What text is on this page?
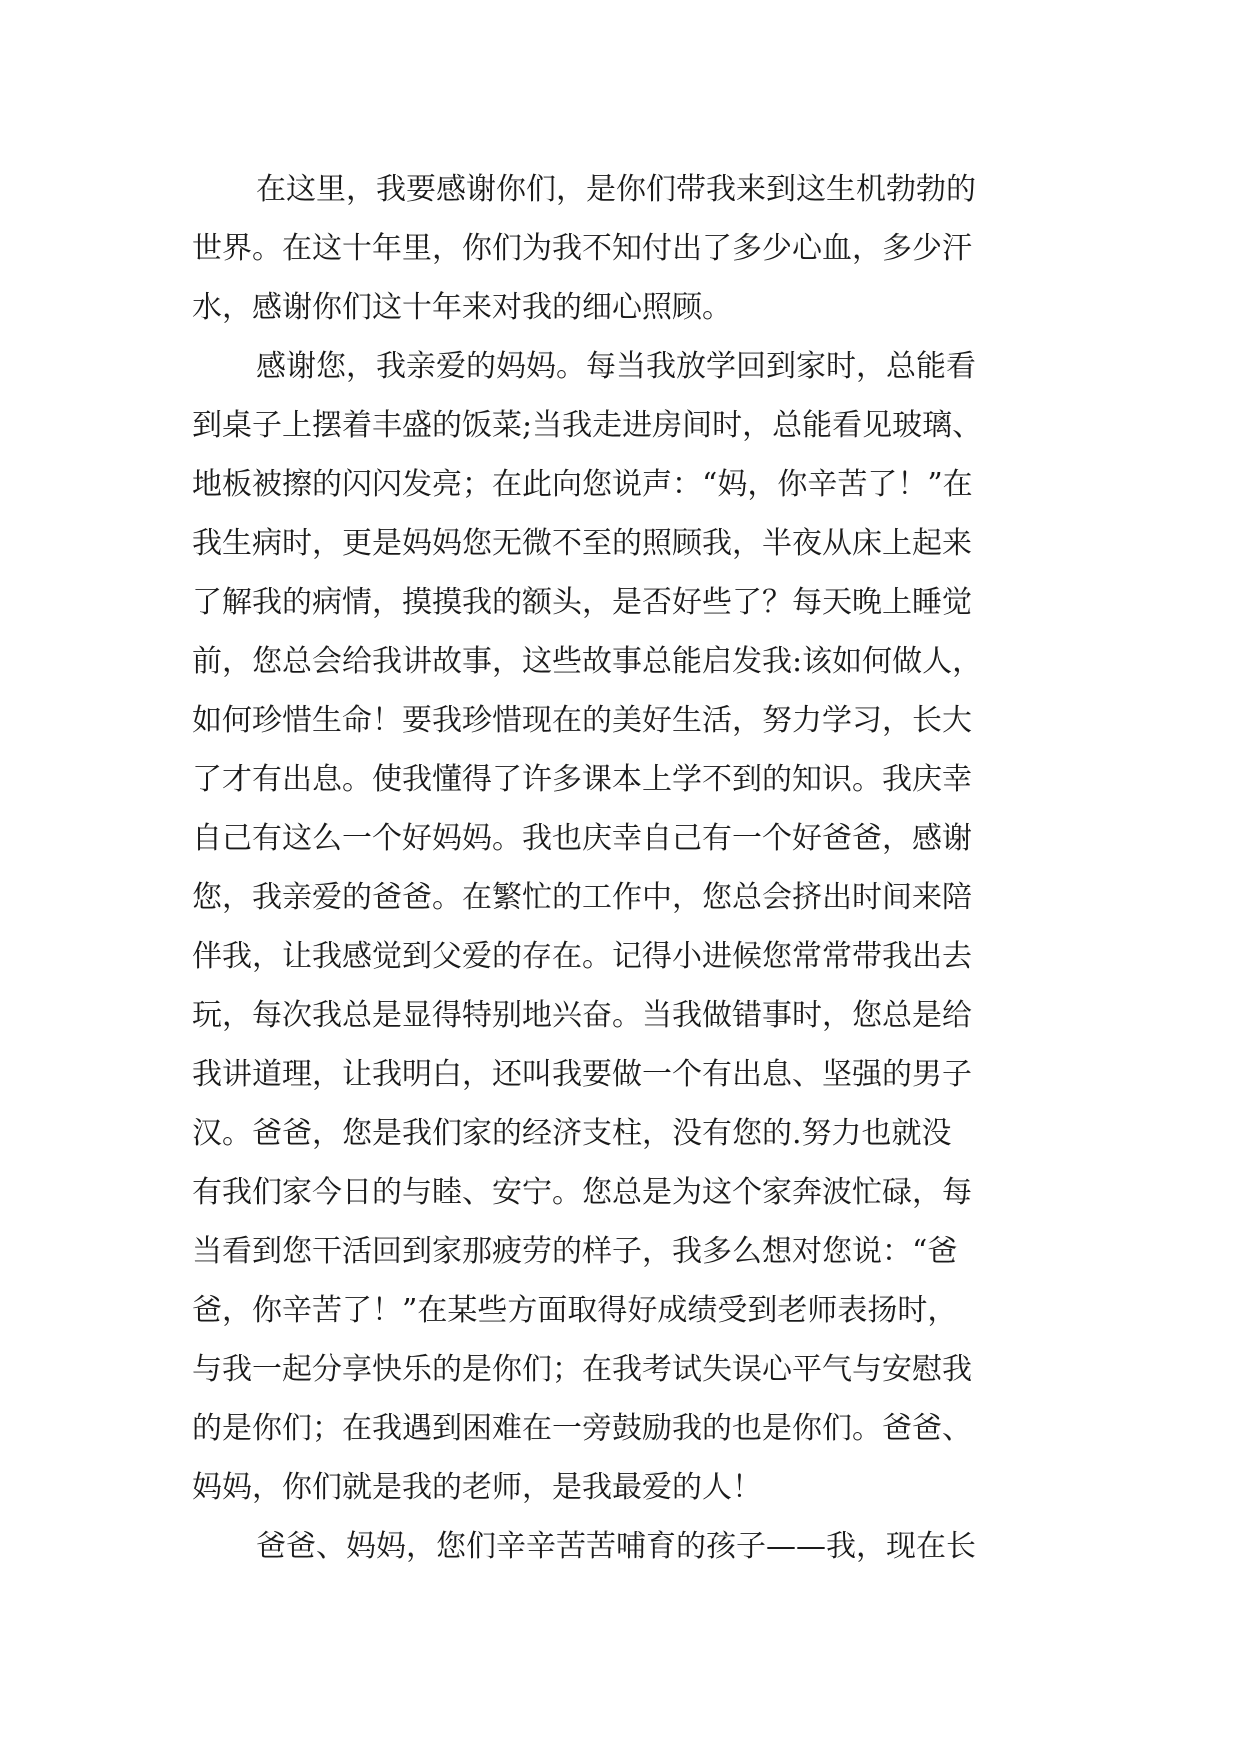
在这里，我要感谢你们，是你们带我来到这生机勃勃的
世界。在这十年里，你们为我不知付出了多少心血，多少汗
水，感谢你们这十年来对我的细心照顾。
感谢您，我亲爱的妈妈。每当我放学回到家时，总能看
到桌子上摆着丰盛的饭菜;当我走进房间时，总能看见玻璃、
地板被擦的闪闪发亮；在此向您说声：“妈，你辛苦了！”在
我生病时，更是妈妈您无微不至的照顾我，半夜从床上起来
了解我的病情，摸摸我的额头，是否好些了？每天晚上睡觉
前，您总会给我讲故事，这些故事总能启发我:该如何做人，
如何珍惜生命！要我珍惜现在的美好生活，努力学习，长大
了才有出息。使我懂得了许多课本上学不到的知识。我庆幸
自己有这么一个好妈妈。我也庆幸自己有一个好爸爸，感谢
您，我亲爱的爸爸。在繁忙的工作中，您总会挤出时间来陪
伴我，让我感觉到父爱的存在。记得小进候您常常带我出去
玩，每次我总是显得特别地兴奋。当我做错事时，您总是给
我讲道理，让我明白，还叫我要做一个有出息、坚强的男子
汉。爸爸，您是我们家的经济支柱，没有您的.努力也就没
有我们家今日的与睦、安宁。您总是为这个家奔波忙碌，每
当看到您干活回到家那疲劳的样子，我多么想对您说：“爸
爸，你辛苦了！”在某些方面取得好成绩受到老师表扬时，
与我一起分享快乐的是你们；在我考试失误心平气与安慰我
的是你们；在我遇到困难在一旁鼓励我的也是你们。爸爸、
妈妈，你们就是我的老师，是我最爱的人！
爸爸、妈妈，您们辛辛苦苦哺育的孩子——我，现在长
